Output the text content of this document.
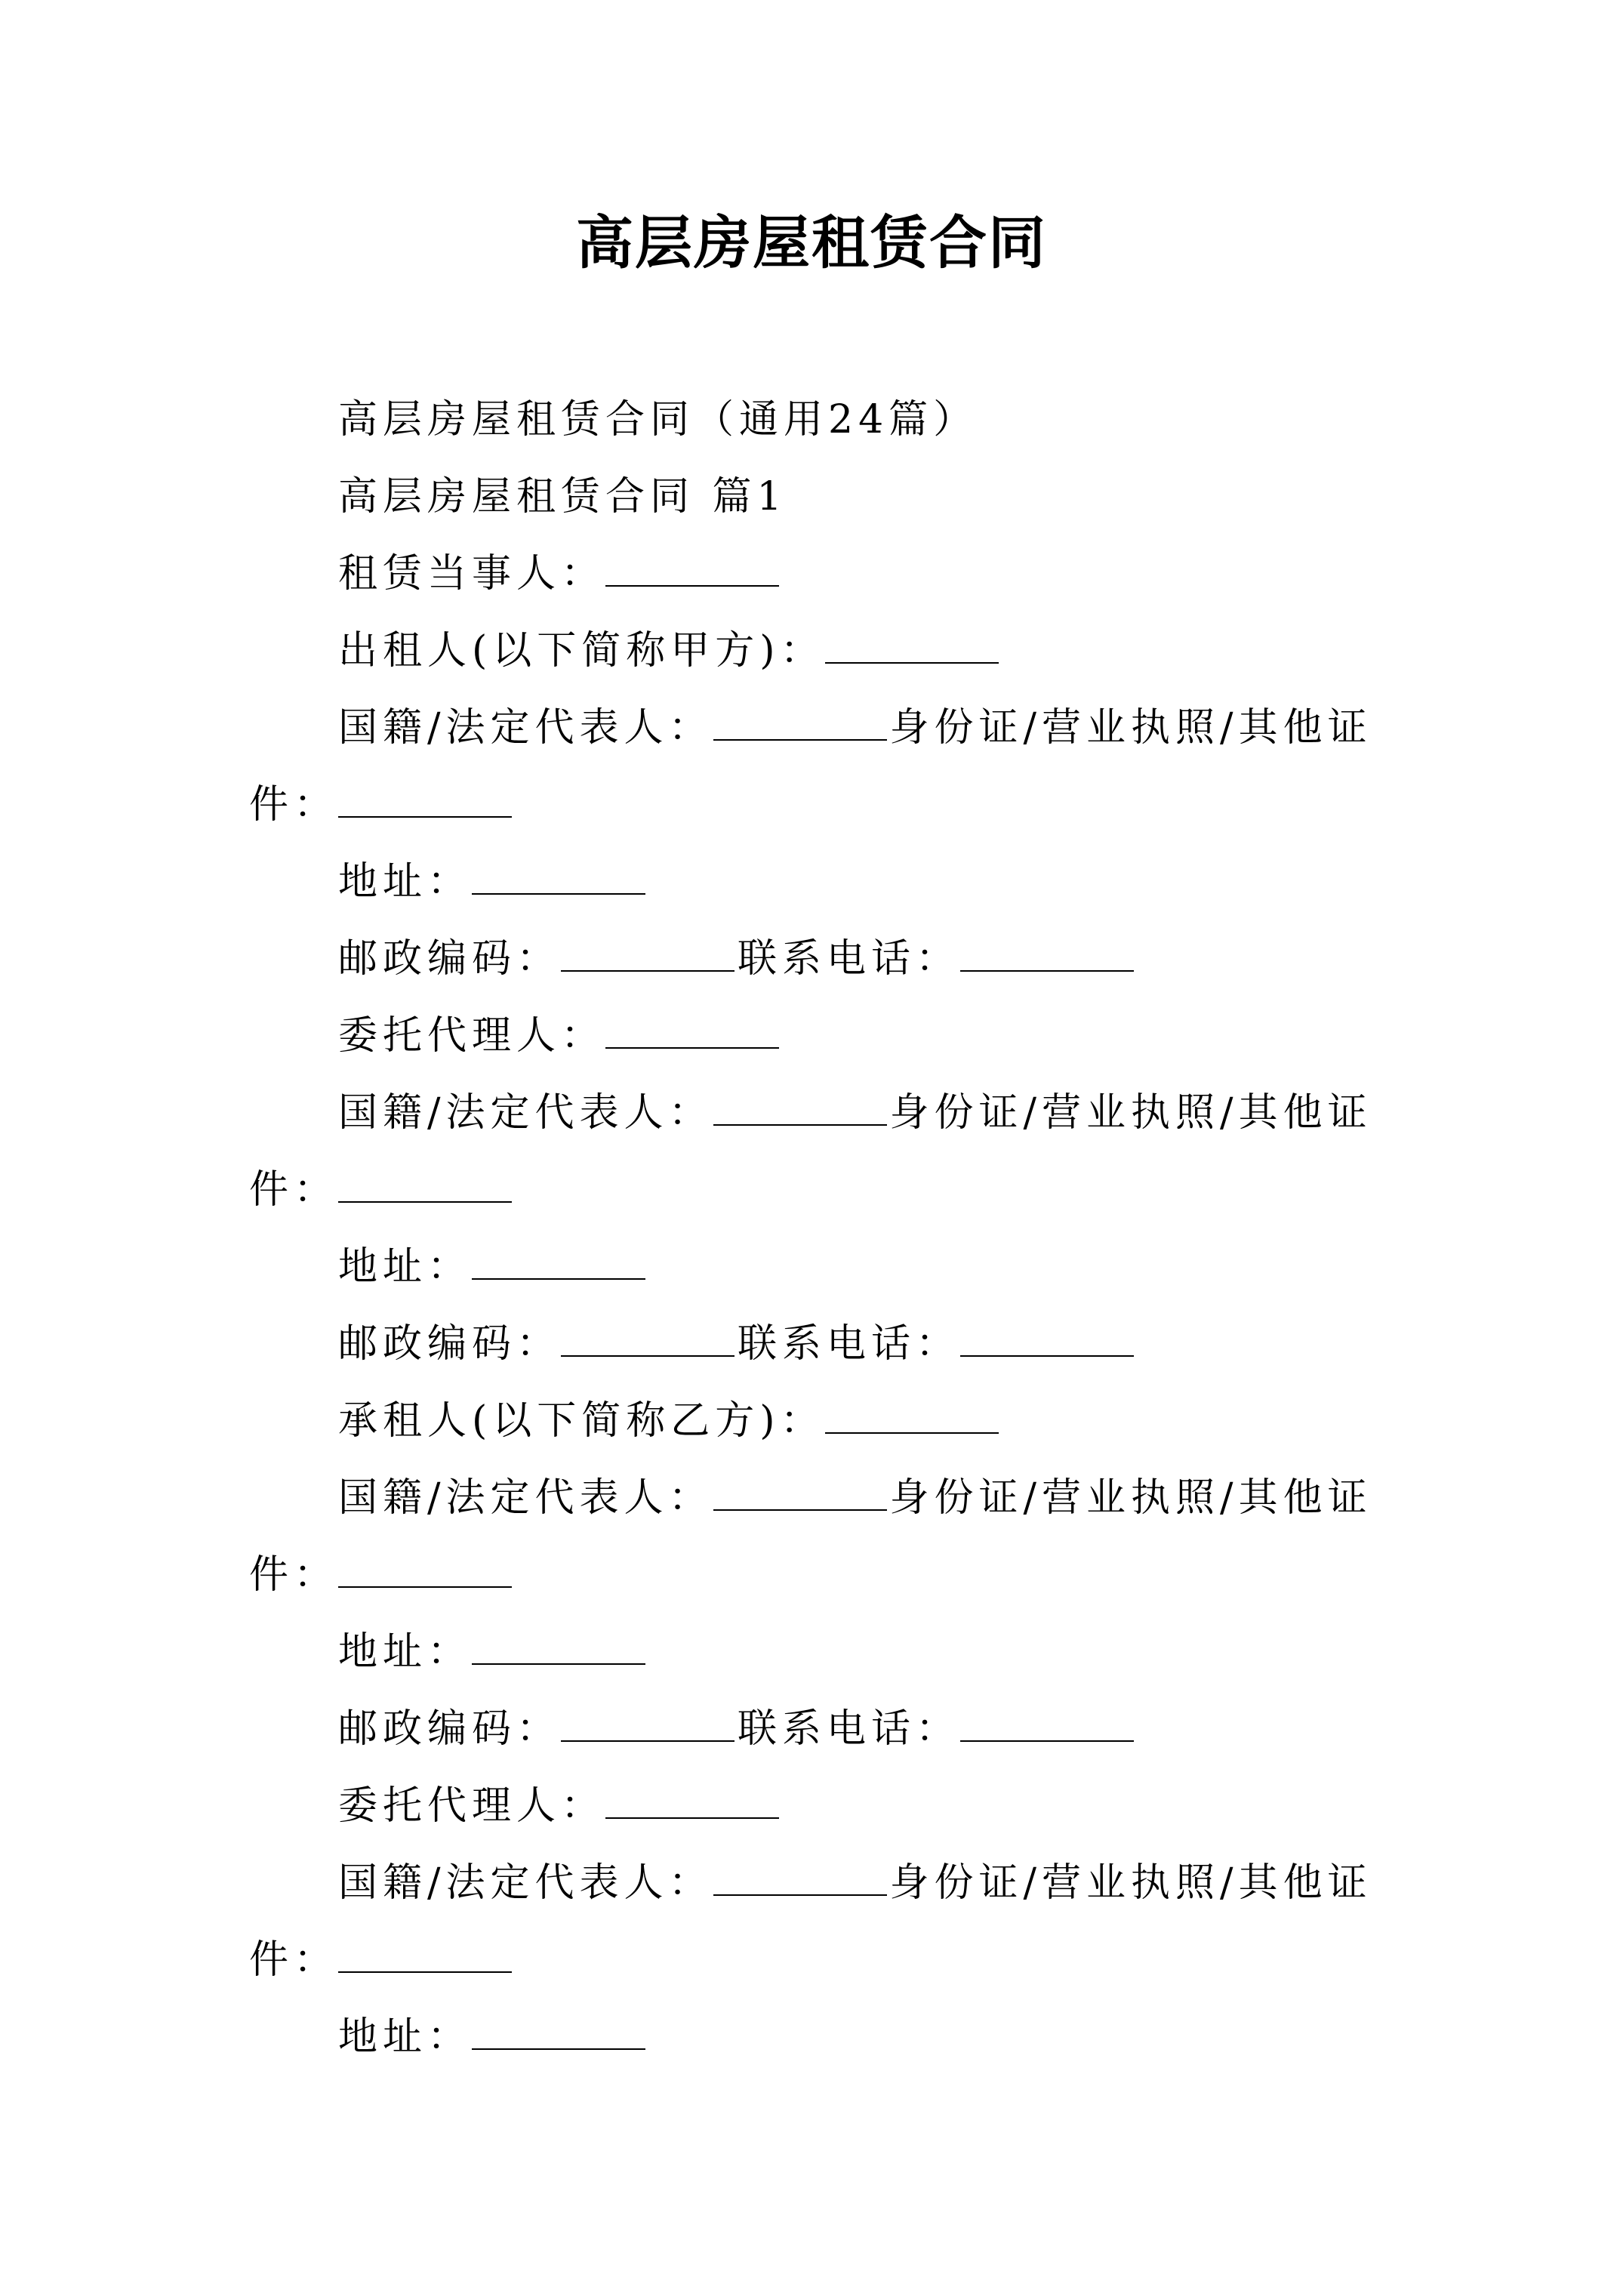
高层房屋租赁合同
高层房屋租赁合同（通用24篇）
高层房屋租赁合同 篇1
租赁当事人：
出租人(以下简称甲方)：
国籍/法定代表人：	身份证/营业执照/其他证
件：
地址：
邮政编码：	联系电话：
委托代理人：
国籍/法定代表人：	身份证/营业执照/其他证
件：
地址：
邮政编码：	联系电话：
承租人(以下简称乙方)：
国籍/法定代表人：	身份证/营业执照/其他证
件：
地址：
邮政编码：	联系电话：
委托代理人：
国籍/法定代表人：	身份证/营业执照/其他证
件：
地址：
